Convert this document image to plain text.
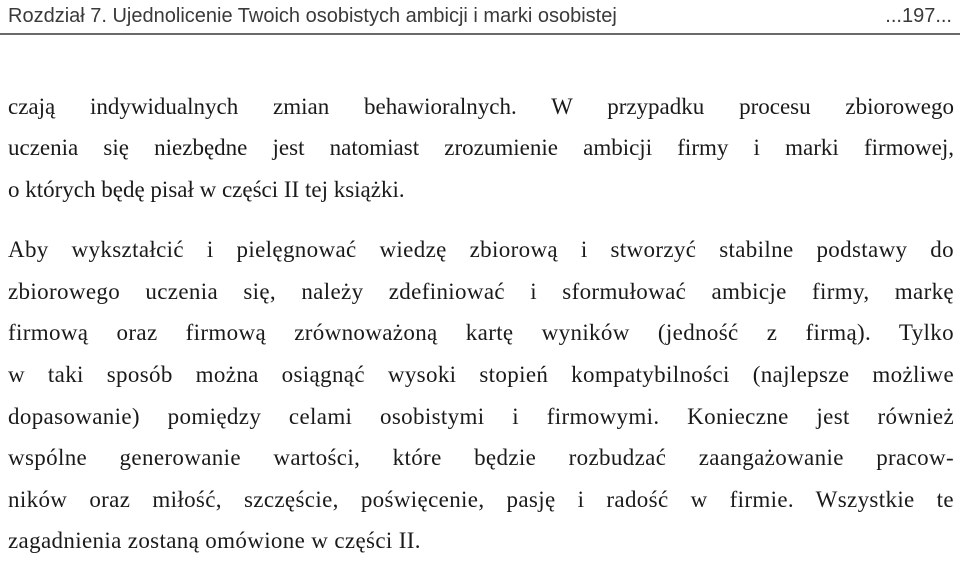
Rozdział 7. Ujednolicenie Twoich osobistych ambicji i marki osobistej	...197...

czają indywidualnych zmian behawioralnych. W przypadku procesu zbiorowego
uczenia się niezbędne jest natomiast zrozumienie ambicji firmy i marki firmowej,
o których będę pisał w części II tej książki.

Aby wykształcić i pielęgnować wiedzę zbiorową i stworzyć stabilne podstawy do
zbiorowego uczenia się, należy zdefiniować i sformułować ambicje firmy, markę
firmową oraz firmową zrównoważoną kartę wyników (jedność z firmą). Tylko
w taki sposób można osiągnąć wysoki stopień kompatybilności (najlepsze możliwe
dopasowanie) pomiędzy celami osobistymi i firmowymi. Konieczne jest również
wspólne generowanie wartości, które będzie rozbudzać zaangażowanie pracow-
ników oraz miłość, szczęście, poświęcenie, pasję i radość w firmie. Wszystkie te
zagadnienia zostaną omówione w części II.
